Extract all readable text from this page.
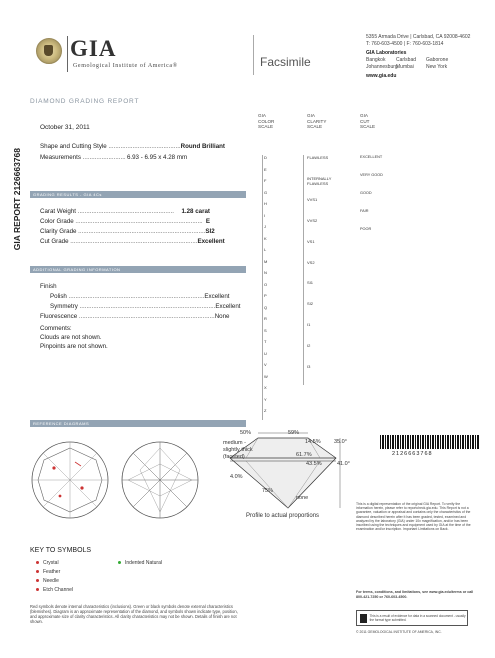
GIA
Gemological Institute of America®	Facsimile
5355 Armada Drive | Carlsbad, CA 92008-4602
T: 760-603-4500 | F: 760-603-1814
GIA Laboratories
Bangkok	Carlsbad	Gaborone
Johannesburg
Mumbai	New York
www.gia.edu
DIAMOND GRADING REPORT
GIA REPORT 2126663768
October 31, 2011
Shape and Cutting Style .......................................... Round Brilliant
Measurements ......................... 6.93 - 6.95 x 4.28 mm
GRADING RESULTS - GIA 4Cs
Carat Weight ........................................................	1.28 carat
Color Grade .......................................................................... E
Clarity Grade .......................................................................... SI2
Cut Grade .......................................................................... Excellent
ADDITIONAL GRADING INFORMATION
Finish
Polish ............................................................................... Excellent
Symmetry ............................................................................... Excellent
Fluorescence ............................................................................... None
Comments:
Clouds are not shown.
Pinpoints are not shown.
REFERENCE DIAGRAMS
KEY TO SYMBOLS
Crystal
Feather
Needle
Etch Channel
Indented Natural
Red symbols denote internal characteristics (inclusions). Green or black symbols denote external characteristics (blemishes). Diagram is an approximate representation of the diamond, and symbols shown indicate type, position, and approximate size of clarity characteristics. All clarity characteristics may not be shown. Details of finish are not shown.
GIA
COLOR
SCALE
GIA
CLARITY
SCALE
GIA
CUT
SCALE
D
E
F
G
H
I
J
K
L
M
N
O
P
Q
R
S
T
U
V
W
X
Y
Z
FLAWLESS
INTERNALLY FLAWLESS
VVS1
VVS2
VS1
VS2
SI1
SI2
I1
I2
I3
EXCELLENT
VERY GOOD
GOOD
FAIR
POOR
50%	59%
14.5% 35.0°
61.7%
43.5%	41.0°
medium - slightly thick (faceted)
4.0%
75%
none
Profile to actual proportions
2126663768
This is a digital representation of the original GIA Report. To verify the information herein, please refer to reportcheck.gia.edu. This Report is not a guarantee, valuation or appraisal and contains only the characteristics of the diamond described herein after it has been graded, tested, examined and analyzed by the laboratory (GIA) under 10x magnification, and/or has been inscribed using the techniques and equipment used by GIA at the time of the examination and/or inscription. Important Limitations on Back.
For terms, conditions, and limitations, see www.gia.edu/terms or call 800-421-7250 or 760-603-4500.
This is a result of evidence for data in a scanned document - usually the format type submitted.
© 2011 GEMOLOGICAL INSTITUTE OF AMERICA, INC.
